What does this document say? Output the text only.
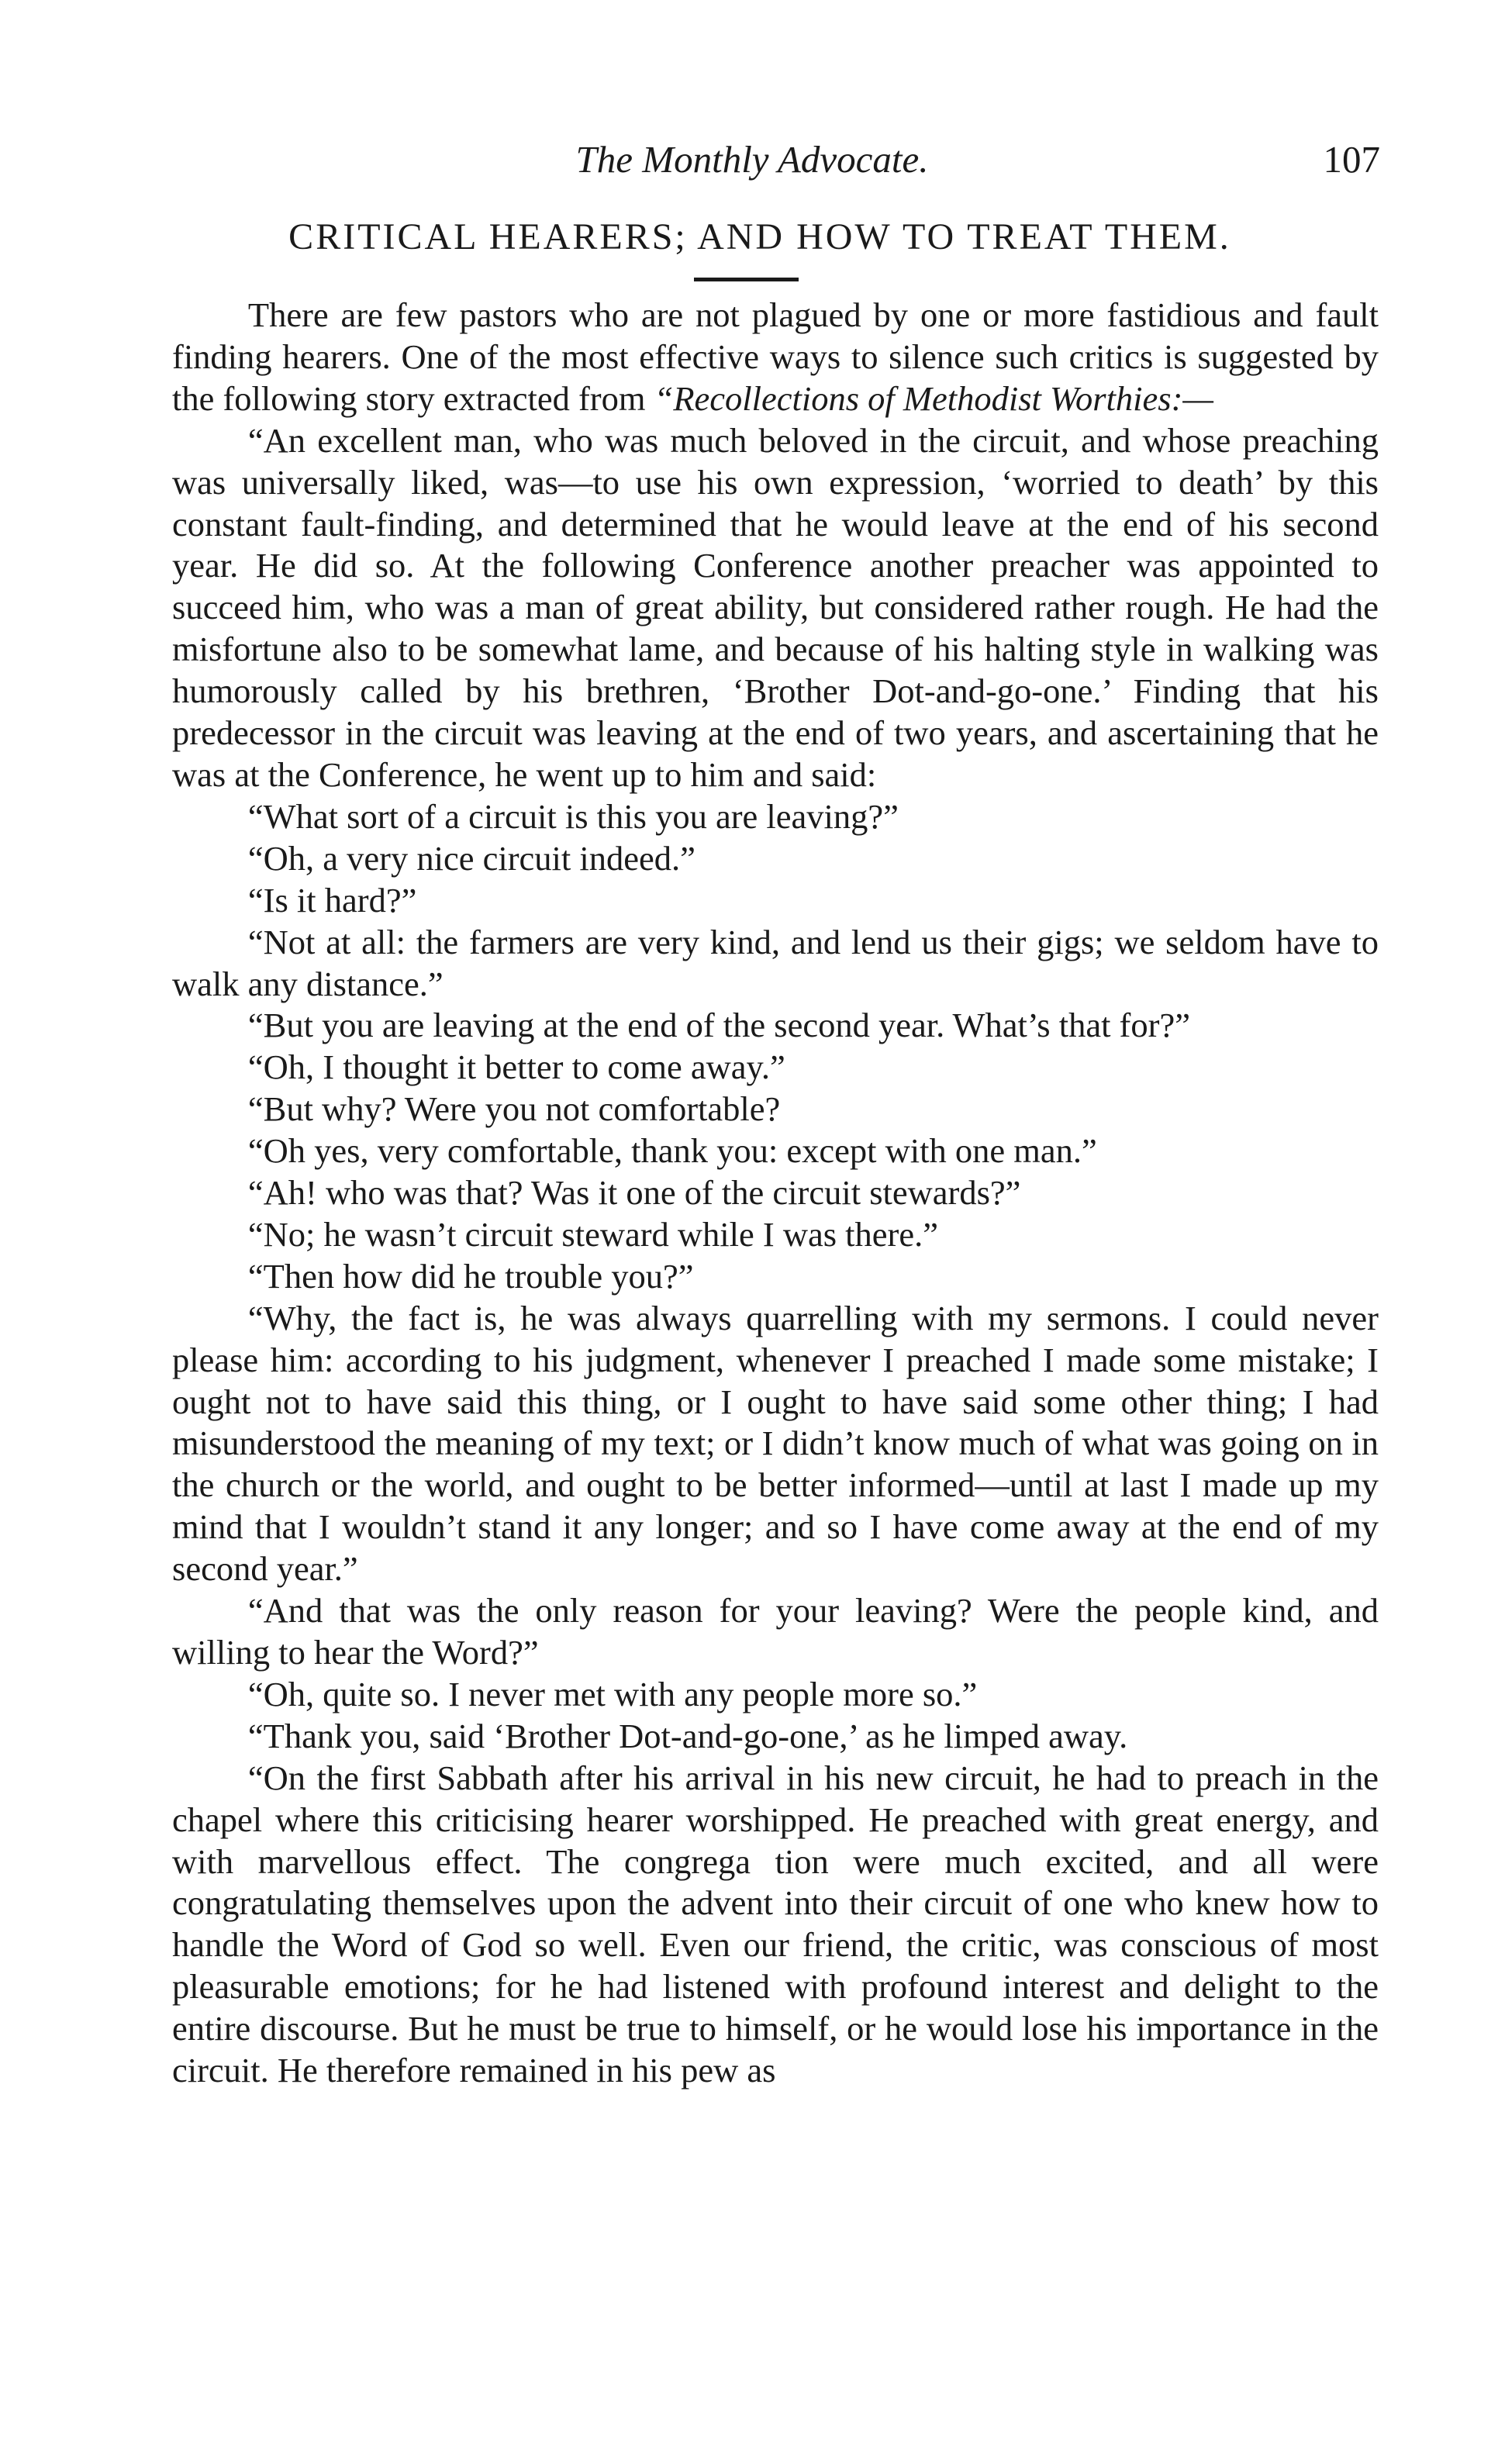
The Monthly Advocate.	107
CRITICAL HEARERS; AND HOW TO TREAT THEM.

There are few pastors who are not plagued by one or more fastidious and fault finding hearers. One of the most effective ways to silence such critics is suggested by the following story extracted from “Recollections of Methodist Worthies:—

“An excellent man, who was much beloved in the circuit, and whose preaching was universally liked, was—to use his own expression, ‘worried to death’ by this constant fault-finding, and determined that he would leave at the end of his second year. He did so. At the following Conference another preacher was appointed to succeed him, who was a man of great ability, but considered rather rough. He had the misfortune also to be somewhat lame, and because of his halting style in walking was humorously called by his brethren, ‘Brother Dot-and-go-one.’ Finding that his predecessor in the circuit was leaving at the end of two years, and ascertaining that he was at the Conference, he went up to him and said:

“What sort of a circuit is this you are leaving?”

“Oh, a very nice circuit indeed.”

“Is it hard?”

“Not at all: the farmers are very kind, and lend us their gigs; we seldom have to walk any distance.”

“But you are leaving at the end of the second year. What’s that for?”

“Oh, I thought it better to come away.”

“But why? Were you not comfortable?

“Oh yes, very comfortable, thank you: except with one man.”

“Ah! who was that? Was it one of the circuit stewards?”

“No; he wasn’t circuit steward while I was there.”

“Then how did he trouble you?”

“Why, the fact is, he was always quarrelling with my sermons. I could never please him: according to his judgment, whenever I preached I made some mistake; I ought not to have said this thing, or I ought to have said some other thing; I had misunderstood the meaning of my text; or I didn’t know much of what was going on in the church or the world, and ought to be better informed—until at last I made up my mind that I wouldn’t stand it any longer; and so I have come away at the end of my second year.”

“And that was the only reason for your leaving? Were the people kind, and willing to hear the Word?”

“Oh, quite so. I never met with any people more so.”

“Thank you, said ‘Brother Dot-and-go-one,’ as he limped away.

“On the first Sabbath after his arrival in his new circuit, he had to preach in the chapel where this criticising hearer worshipped. He preached with great energy, and with marvellous effect. The congrega tion were much excited, and all were congratulating themselves upon the advent into their circuit of one who knew how to handle the Word of God so well. Even our friend, the critic, was conscious of most pleasurable emotions; for he had listened with profound interest and delight to the entire discourse. But he must be true to himself, or he would lose his importance in the circuit. He therefore remained in his pew as
